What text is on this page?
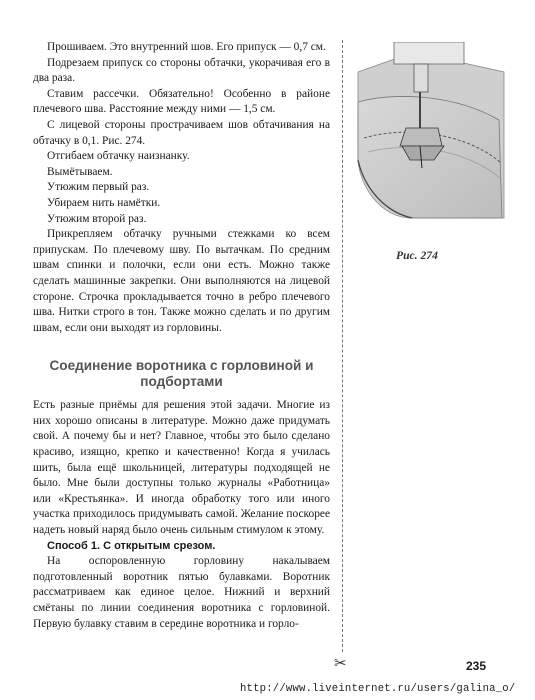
Прошиваем. Это внутренний шов. Его припуск — 0,7 см.

Подрезаем припуск со стороны обтачки, укорачивая его в два раза.

Ставим рассечки. Обязательно! Особенно в районе плечевого шва. Расстояние между ними — 1,5 см.

С лицевой стороны прострачиваем шов обтачивания на обтачку в 0,1. Рис. 274.

Отгибаем обтачку наизнанку.

Вымётываем.

Утюжим первый раз.

Убираем нить намётки.

Утюжим второй раз.

Прикрепляем обтачку ручными стежками ко всем припускам. По плечевому шву. По вытачкам. По средним швам спинки и полочки, если они есть. Можно также сделать машинные закрепки. Они выполняются на лицевой стороне. Строчка прокладывается точно в ребро плечевого шва. Нитки строго в тон. Также можно сделать и по другим швам, если они выходят из горловины.

Соединение воротника с горловиной и подбортами

Есть разные приёмы для решения этой задачи. Многие из них хорошо описаны в литературе. Можно даже придумать свой. А почему бы и нет? Главное, чтобы это было сделано красиво, изящно, крепко и качественно! Когда я училась шить, была ещё школьницей, литературы подходящей не было. Мне были доступны только журналы «Работница» или «Крестьянка». И иногда обработку того или иного участка приходилось придумывать самой. Желание поскорее надеть новый наряд было очень сильным стимулом к этому.

Способ 1. С открытым срезом.

На оспоровленную горловину накалываем подготовленный воротник пятью булавками. Воротник рассматриваем как единое целое. Нижний и верхний смётаны по линии соединения воротника с горловиной. Первую булавку ставим в середине воротника и горло-

✂
Рис. 274
235
http://www.liveinternet.ru/users/galina_o/
